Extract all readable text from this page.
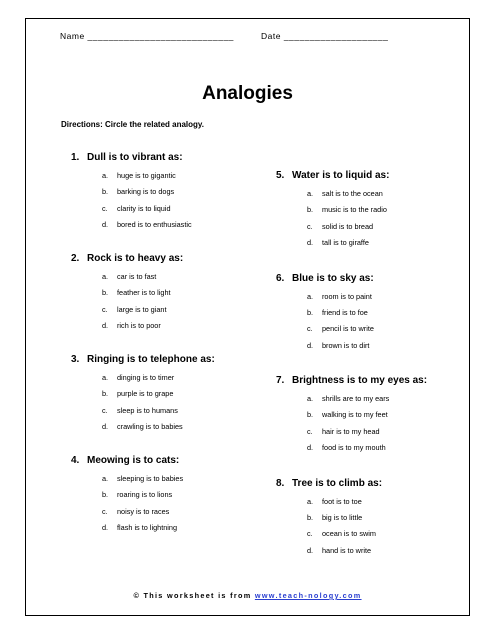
Name ____________________________	Date ____________________
Analogies
Directions: Circle the related analogy.
1. Dull is to vibrant as:
a. huge is to gigantic
b. barking is to dogs
c. clarity is to liquid
d. bored is to enthusiastic
2. Rock is to heavy as:
a. car is to fast
b. feather is to light
c. large is to giant
d. rich is to poor
3. Ringing is to telephone as:
a. dinging is to timer
b. purple is to grape
c. sleep is to humans
d. crawling is to babies
4. Meowing is to cats:
a. sleeping is to babies
b. roaring is to lions
c. noisy is to races
d. flash is to lightning
5. Water is to liquid as:
a. salt is to the ocean
b. music is to the radio
c. solid is to bread
d. tall is to giraffe
6. Blue is to sky as:
a. room is to paint
b. friend is to foe
c. pencil is to write
d. brown is to dirt
7. Brightness is to my eyes as:
a. shrills are to my ears
b. walking is to my feet
c. hair is to my head
d. food is to my mouth
8. Tree is to climb as:
a. foot is to toe
b. big is to little
c. ocean is to swim
d. hand is to write
© This worksheet is from www.teach-nology.com
